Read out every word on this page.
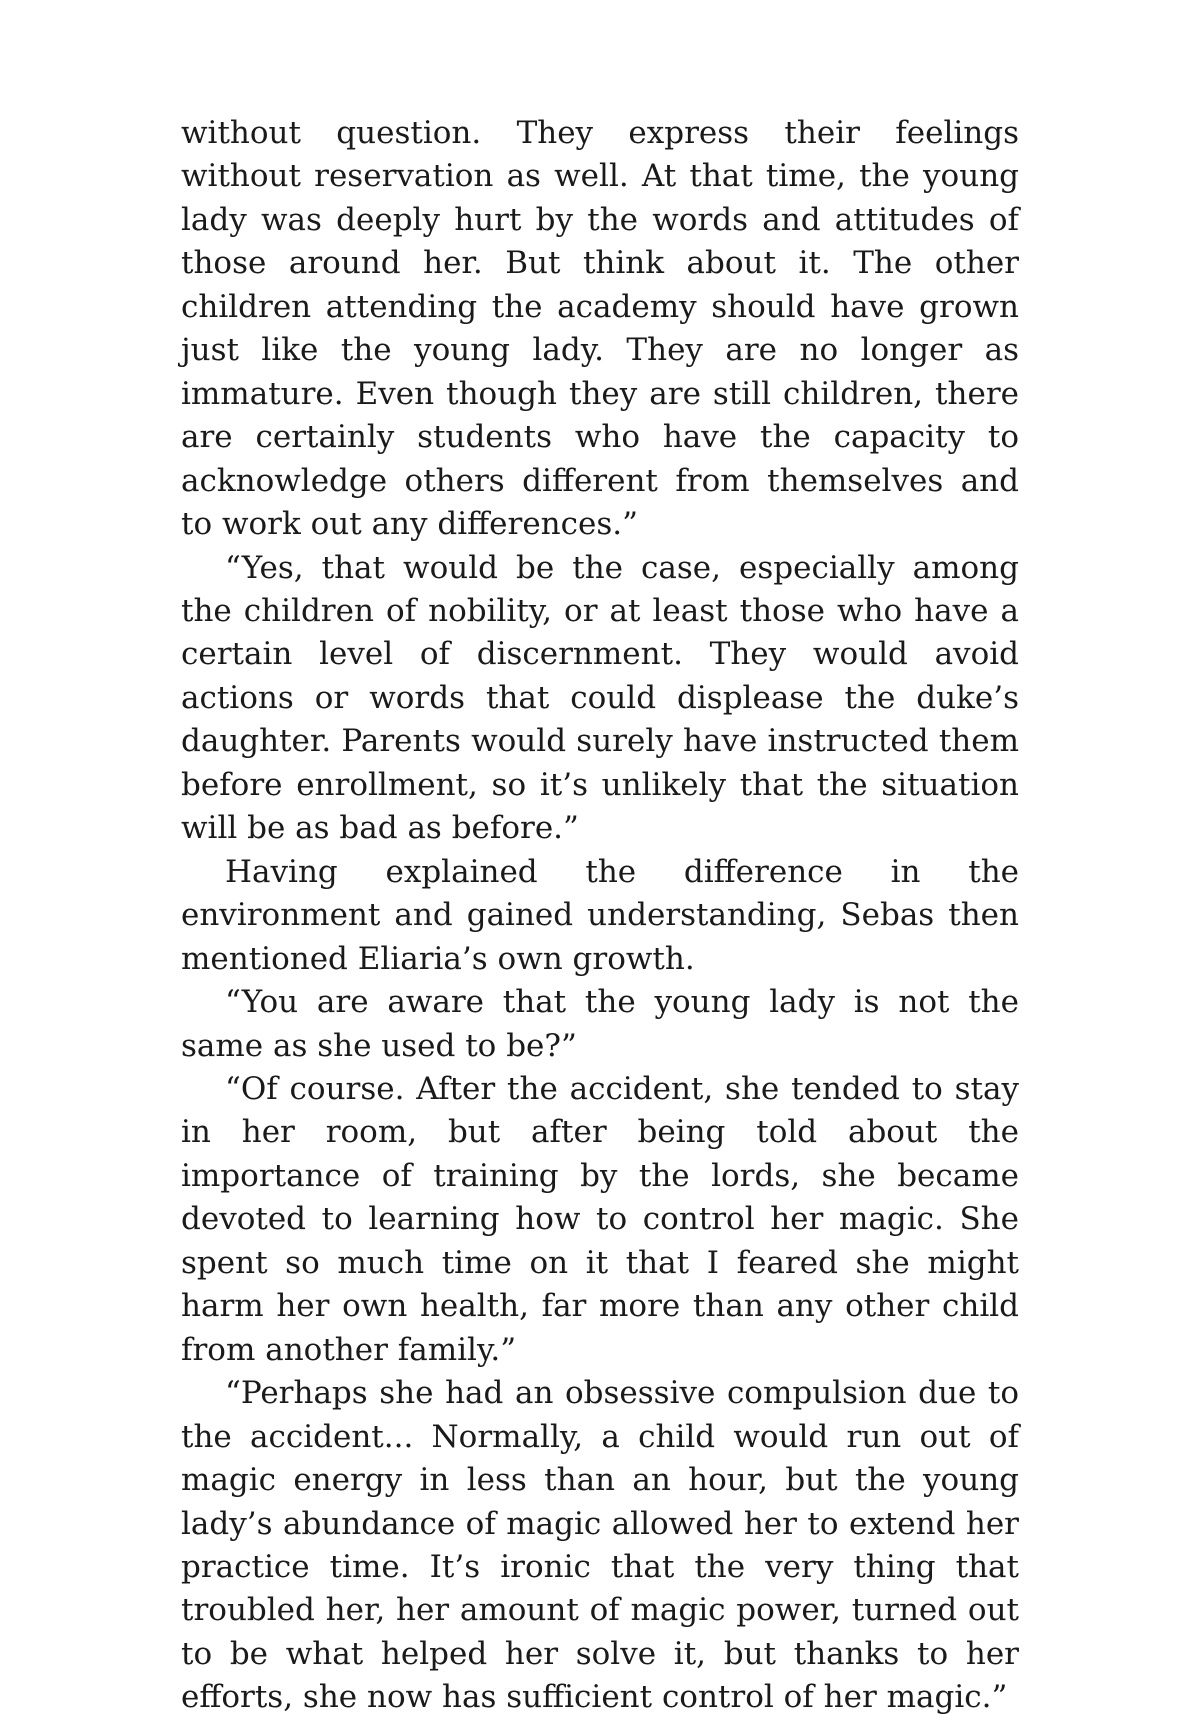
without question. They express their feelings without reservation as well. At that time, the young lady was deeply hurt by the words and attitudes of those around her. But think about it. The other children attending the academy should have grown just like the young lady. They are no longer as immature. Even though they are still children, there are certainly students who have the capacity to acknowledge others different from themselves and to work out any differences.”

“Yes, that would be the case, especially among the children of nobility, or at least those who have a certain level of discernment. They would avoid actions or words that could displease the duke’s daughter. Parents would surely have instructed them before enrollment, so it’s unlikely that the situation will be as bad as before.”

Having explained the difference in the environment and gained understanding, Sebas then mentioned Eliaria’s own growth.

“You are aware that the young lady is not the same as she used to be?”

“Of course. After the accident, she tended to stay in her room, but after being told about the importance of training by the lords, she became devoted to learning how to control her magic. She spent so much time on it that I feared she might harm her own health, far more than any other child from another family.”

“Perhaps she had an obsessive compulsion due to the accident... Normally, a child would run out of magic energy in less than an hour, but the young lady’s abundance of magic allowed her to extend her practice time. It’s ironic that the very thing that troubled her, her amount of magic power, turned out to be what helped her solve it, but thanks to her efforts, she now has sufficient control of her magic.”
